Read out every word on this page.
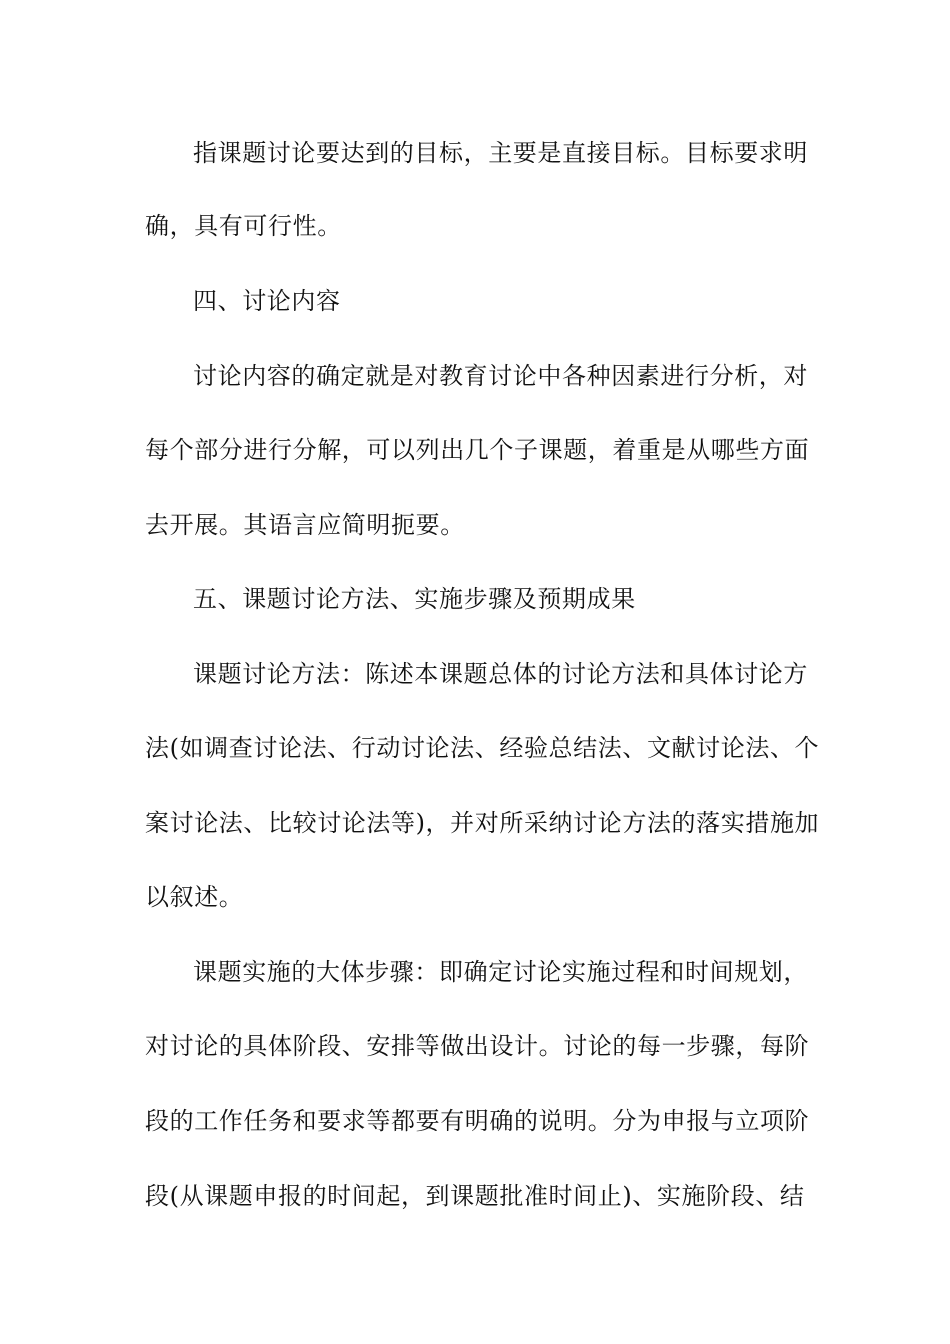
指课题讨论要达到的目标，主要是直接目标。目标要求明
确，具有可行性。
四、讨论内容
讨论内容的确定就是对教育讨论中各种因素进行分析，对
每个部分进行分解，可以列出几个子课题，着重是从哪些方面
去开展。其语言应简明扼要。
五、课题讨论方法、实施步骤及预期成果
课题讨论方法：陈述本课题总体的讨论方法和具体讨论方
法(如调查讨论法、行动讨论法、经验总结法、文献讨论法、个
案讨论法、比较讨论法等)，并对所采纳讨论方法的落实措施加
以叙述。
课题实施的大体步骤：即确定讨论实施过程和时间规划，
对讨论的具体阶段、安排等做出设计。讨论的每一步骤，每阶
段的工作任务和要求等都要有明确的说明。分为申报与立项阶
段(从课题申报的时间起，到课题批准时间止)、实施阶段、结
